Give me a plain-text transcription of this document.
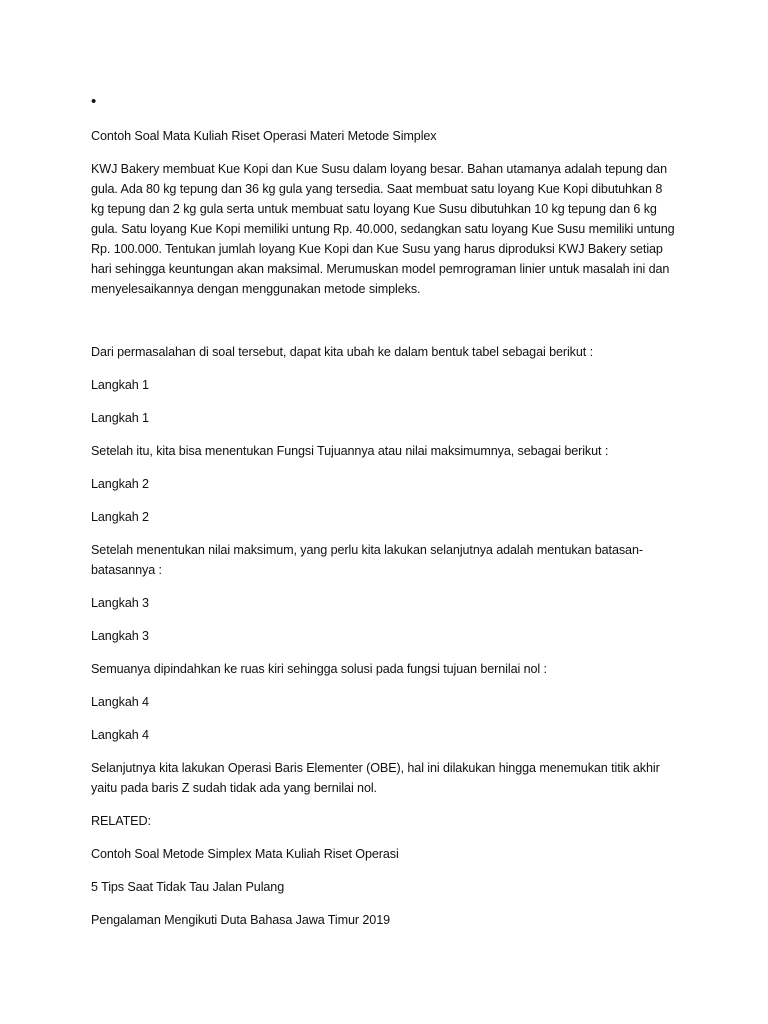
•

Contoh Soal Mata Kuliah Riset Operasi Materi Metode Simplex

KWJ Bakery membuat Kue Kopi dan Kue Susu dalam loyang besar. Bahan utamanya adalah tepung dan gula. Ada 80 kg tepung dan 36 kg gula yang tersedia. Saat membuat satu loyang Kue Kopi dibutuhkan 8 kg tepung dan 2 kg gula serta untuk membuat satu loyang Kue Susu dibutuhkan 10 kg tepung dan 6 kg gula. Satu loyang Kue Kopi memiliki untung Rp. 40.000, sedangkan satu loyang Kue Susu memiliki untung Rp. 100.000. Tentukan jumlah loyang Kue Kopi dan Kue Susu yang harus diproduksi KWJ Bakery setiap hari sehingga keuntungan akan maksimal. Merumuskan model pemrograman linier untuk masalah ini dan menyelesaikannya dengan menggunakan metode simpleks.

Dari permasalahan di soal tersebut, dapat kita ubah ke dalam bentuk tabel sebagai berikut :

Langkah 1

Langkah 1

Setelah itu, kita bisa menentukan Fungsi Tujuannya atau nilai maksimumnya, sebagai berikut :

Langkah 2

Langkah 2

Setelah menentukan nilai maksimum, yang perlu kita lakukan selanjutnya adalah mentukan batasan-batasannya :

Langkah 3

Langkah 3

Semuanya dipindahkan ke ruas kiri sehingga solusi pada fungsi tujuan bernilai nol :

Langkah 4

Langkah 4

Selanjutnya kita lakukan Operasi Baris Elementer (OBE), hal ini dilakukan hingga menemukan titik akhir yaitu pada baris Z sudah tidak ada yang bernilai nol.

RELATED:

Contoh Soal Metode Simplex Mata Kuliah Riset Operasi

5 Tips Saat Tidak Tau Jalan Pulang

Pengalaman Mengikuti Duta Bahasa Jawa Timur 2019
